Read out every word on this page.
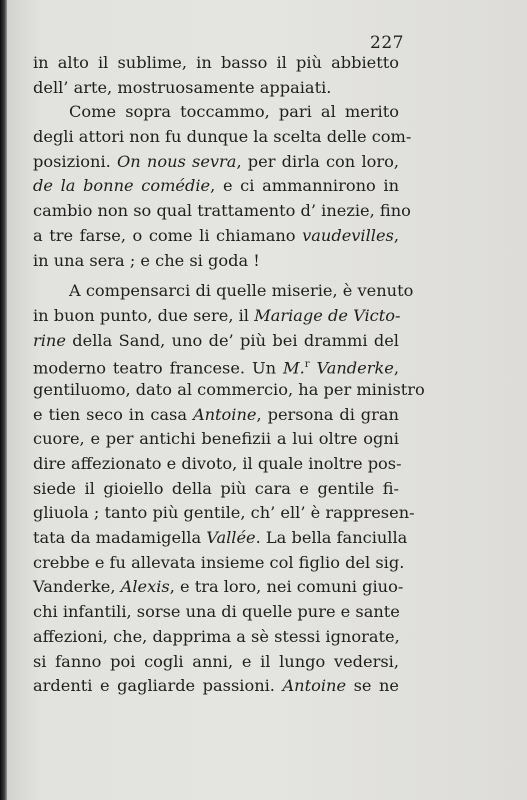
227
in alto il sublime, in basso il più abbietto
dell’ arte, mostruosamente appaiati.
Come sopra toccammo, pari al merito
degli attori non fu dunque la scelta delle com-
posizioni. On nous sevra, per dirla con loro,
de la bonne comédie, e ci ammannirono in
cambio non so qual trattamento d’ inezie, fino
a tre farse, o come li chiamano vaudevilles,
in una sera ; e che si goda !
A compensarci di quelle miserie, è venuto
in buon punto, due sere, il Mariage de Victo-
rine della Sand, uno de’ più bei drammi del
moderno teatro francese. Un M.$^r$ Vanderke,
gentiluomo, dato al commercio, ha per ministro
e tien seco in casa Antoine, persona di gran
cuore, e per antichi benefizii a lui oltre ogni
dire affezionato e divoto, il quale inoltre pos-
siede il gioiello della più cara e gentile fi-
gliuola ; tanto più gentile, ch’ ell’ è rappresen-
tata da madamigella Vallée. La bella fanciulla
crebbe e fu allevata insieme col figlio del sig.
Vanderke, Alexis, e tra loro, nei comuni giuo-
chi infantili, sorse una di quelle pure e sante
affezioni, che, dapprima a sè stessi ignorate,
si fanno poi cogli anni, e il lungo vedersi,
ardenti e gagliarde passioni. Antoine se ne
